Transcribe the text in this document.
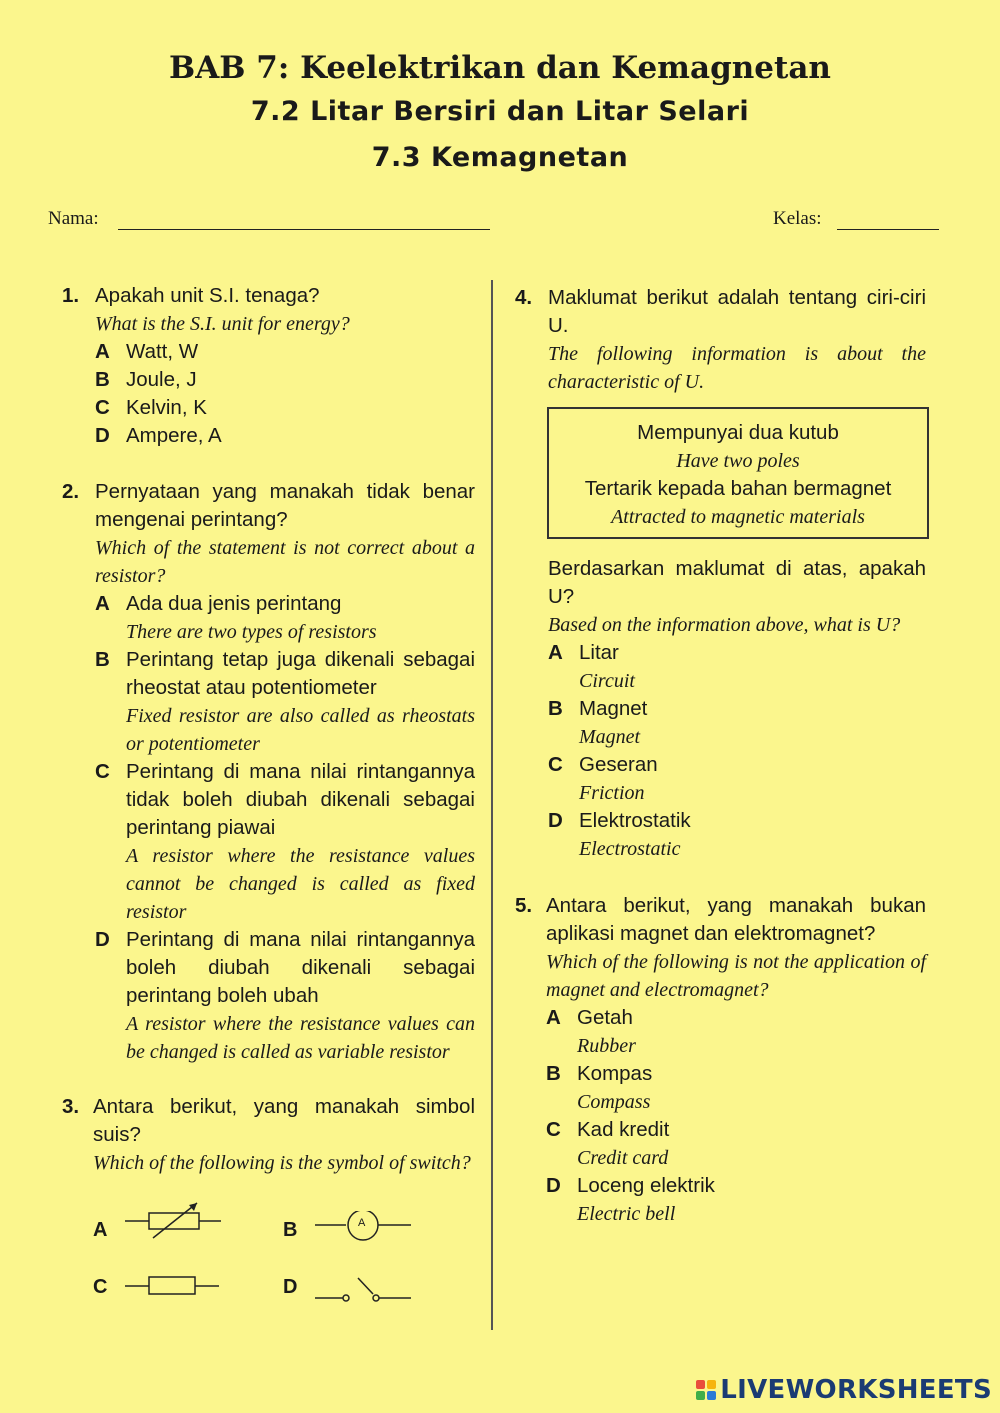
BAB 7: Keelektrikan dan Kemagnetan
7.2 Litar Bersiri dan Litar Selari
7.3 Kemagnetan
Nama:	Kelas:
1. Apakah unit S.I. tenaga?
What is the S.I. unit for energy?
A Watt, W
B Joule, J
C Kelvin, K
D Ampere, A
2. Pernyataan yang manakah tidak benar mengenai perintang?
Which of the statement is not correct about a resistor?
A Ada dua jenis perintang
There are two types of resistors
B Perintang tetap juga dikenali sebagai rheostat atau potentiometer
Fixed resistor are also called as rheostats or potentiometer
C Perintang di mana nilai rintangannya tidak boleh diubah dikenali sebagai perintang piawai
A resistor where the resistance values cannot be changed is called as fixed resistor
D Perintang di mana nilai rintangannya boleh diubah dikenali sebagai perintang boleh ubah
A resistor where the resistance values can be changed is called as variable resistor
3. Antara berikut, yang manakah simbol suis?
Which of the following is the symbol of switch?
A	B	A
C	D
4. Maklumat berikut adalah tentang ciri-ciri U.
The following information is about the characteristic of U.
Mempunyai dua kutub
Have two poles
Tertarik kepada bahan bermagnet
Attracted to magnetic materials
Berdasarkan maklumat di atas, apakah U?
Based on the information above, what is U?
A Litar
Circuit
B Magnet
Magnet
C Geseran
Friction
D Elektrostatik
Electrostatic
5. Antara berikut, yang manakah bukan aplikasi magnet dan elektromagnet?
Which of the following is not the application of magnet and electromagnet?
A Getah
Rubber
B Kompas
Compass
C Kad kredit
Credit card
D Loceng elektrik
Electric bell
LIVEWORKSHEETS
